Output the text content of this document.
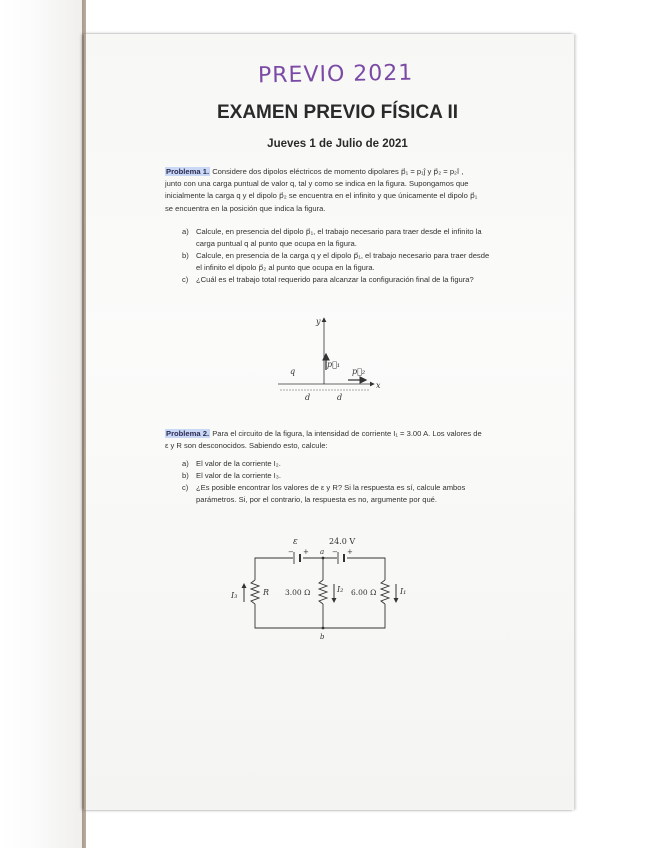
PREVIO 2021
EXAMEN PREVIO FÍSICA II
Jueves 1 de Julio de 2021
Problema 1. Considere dos dipolos eléctricos de momento dipolares p⃗₁ = p₁ĵ y p⃗₂ = p₂î ,
junto con una carga puntual de valor q, tal y como se indica en la figura. Supongamos que
inicialmente la carga q y el dipolo p⃗₂ se encuentra en el infinito y que únicamente el dipolo p⃗₁
se encuentra en la posición que indica la figura.
a) Calcule, en presencia del dipolo p⃗₁, el trabajo necesario para traer desde el infinito la
carga puntual q al punto que ocupa en la figura.
b) Calcule, en presencia de la carga q y el dipolo p⃗₁, el trabajo necesario para traer desde
el infinito el dipolo p⃗₂ al punto que ocupa en la figura.
c) ¿Cuál es el trabajo total requerido para alcanzar la configuración final de la figura?
y
x
q
p⃗₁
p⃗₂
d	d
Problema 2. Para el circuito de la figura, la intensidad de corriente I₁ = 3.00 A. Los valores de
ε y R son desconocidos. Sabiendo esto, calcule:
a) El valor de la corriente I₂.
b) El valor de la corriente I₃.
c) ¿Es posible encontrar los valores de ε y R? Si la respuesta es sí, calcule ambos
parámetros. Si, por el contrario, la respuesta es no, argumente por qué.
ε	24.0 V
− +	− +
a
b
R 3.00 Ω	6.00 Ω
I₃
I₂	I₁
